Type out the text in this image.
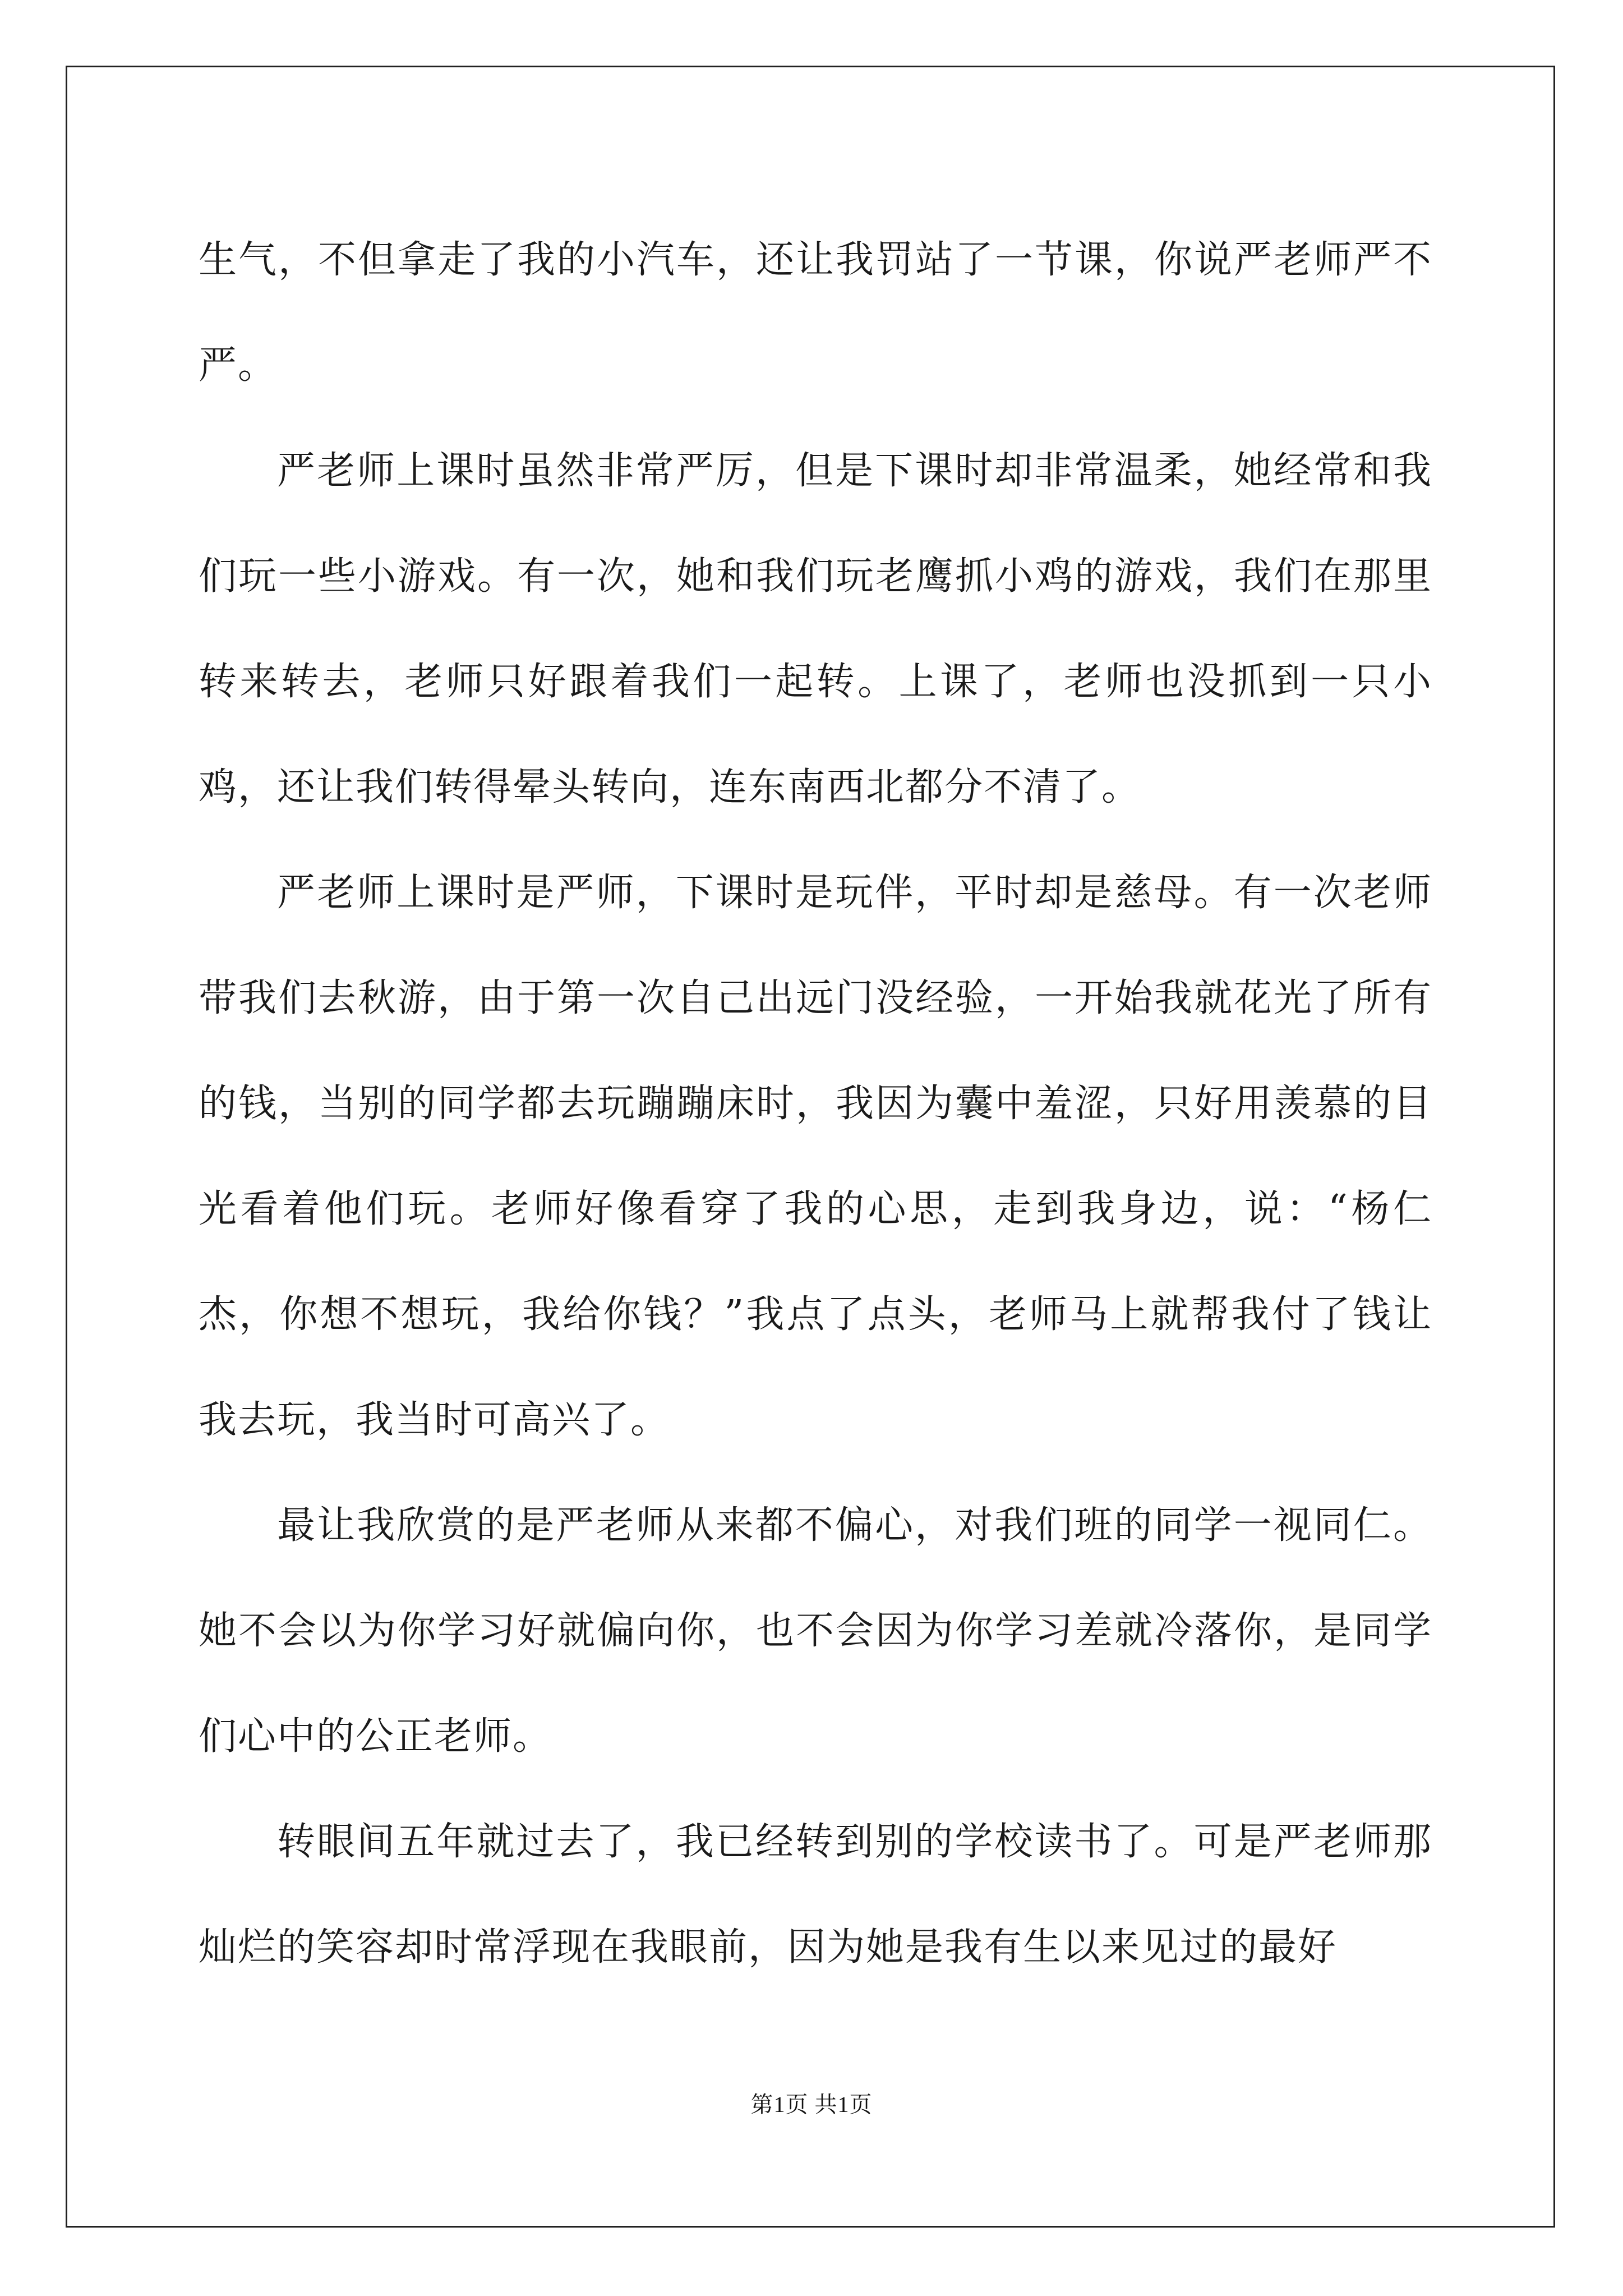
生气，不但拿走了我的小汽车，还让我罚站了一节课，你说严老师严不严。

严老师上课时虽然非常严厉，但是下课时却非常温柔，她经常和我们玩一些小游戏。有一次，她和我们玩老鹰抓小鸡的游戏，我们在那里转来转去，老师只好跟着我们一起转。上课了，老师也没抓到一只小鸡，还让我们转得晕头转向，连东南西北都分不清了。

严老师上课时是严师，下课时是玩伴，平时却是慈母。有一次老师带我们去秋游，由于第一次自己出远门没经验，一开始我就花光了所有的钱，当别的同学都去玩蹦蹦床时，我因为囊中羞涩，只好用羡慕的目光看着他们玩。老师好像看穿了我的心思，走到我身边，说：“杨仁杰，你想不想玩，我给你钱？”我点了点头，老师马上就帮我付了钱让我去玩，我当时可高兴了。

最让我欣赏的是严老师从来都不偏心，对我们班的同学一视同仁。她不会以为你学习好就偏向你，也不会因为你学习差就冷落你，是同学们心中的公正老师。

转眼间五年就过去了，我已经转到别的学校读书了。可是严老师那灿烂的笑容却时常浮现在我眼前，因为她是我有生以来见过的最好

第1页 共1页
